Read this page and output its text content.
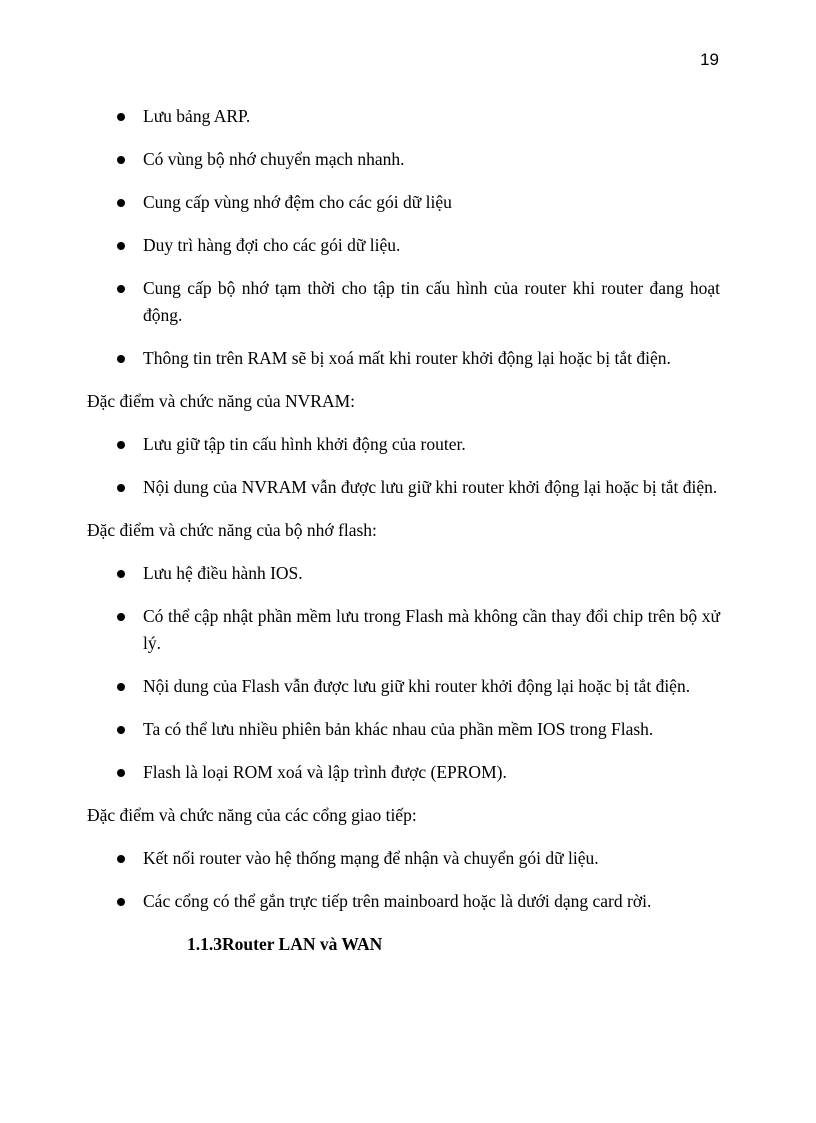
19
Lưu bảng ARP.
Có vùng bộ nhớ chuyển mạch nhanh.
Cung cấp vùng nhớ đệm cho các gói dữ liệu
Duy trì hàng đợi cho các gói dữ liệu.
Cung cấp bộ nhớ tạm thời cho tập tin cấu hình của router khi router đang hoạt động.
Thông tin trên RAM sẽ bị xoá mất khi router khởi động lại hoặc bị tắt điện.

Đặc điểm và chức năng của NVRAM:

Lưu giữ tập tin cấu hình khởi động của router.
Nội dung của NVRAM vẫn được lưu giữ khi router khởi động lại hoặc bị tắt điện.

Đặc điểm và chức năng của bộ nhớ flash:

Lưu hệ điều hành IOS.
Có thể cập nhật phần mềm lưu trong Flash mà không cần thay đổi chip trên bộ xử lý.
Nội dung của Flash vẫn được lưu giữ khi router khởi động lại hoặc bị tắt điện.
Ta có thể lưu nhiều phiên bản khác nhau của phần mềm IOS trong Flash.
Flash là loại ROM xoá và lập trình được (EPROM).

Đặc điểm và chức năng của các cổng giao tiếp:

Kết nối router vào hệ thống mạng để nhận và chuyển gói dữ liệu.
Các cổng có thể gắn trực tiếp trên mainboard hoặc là dưới dạng card rời.
1.1.3Router LAN và WAN
